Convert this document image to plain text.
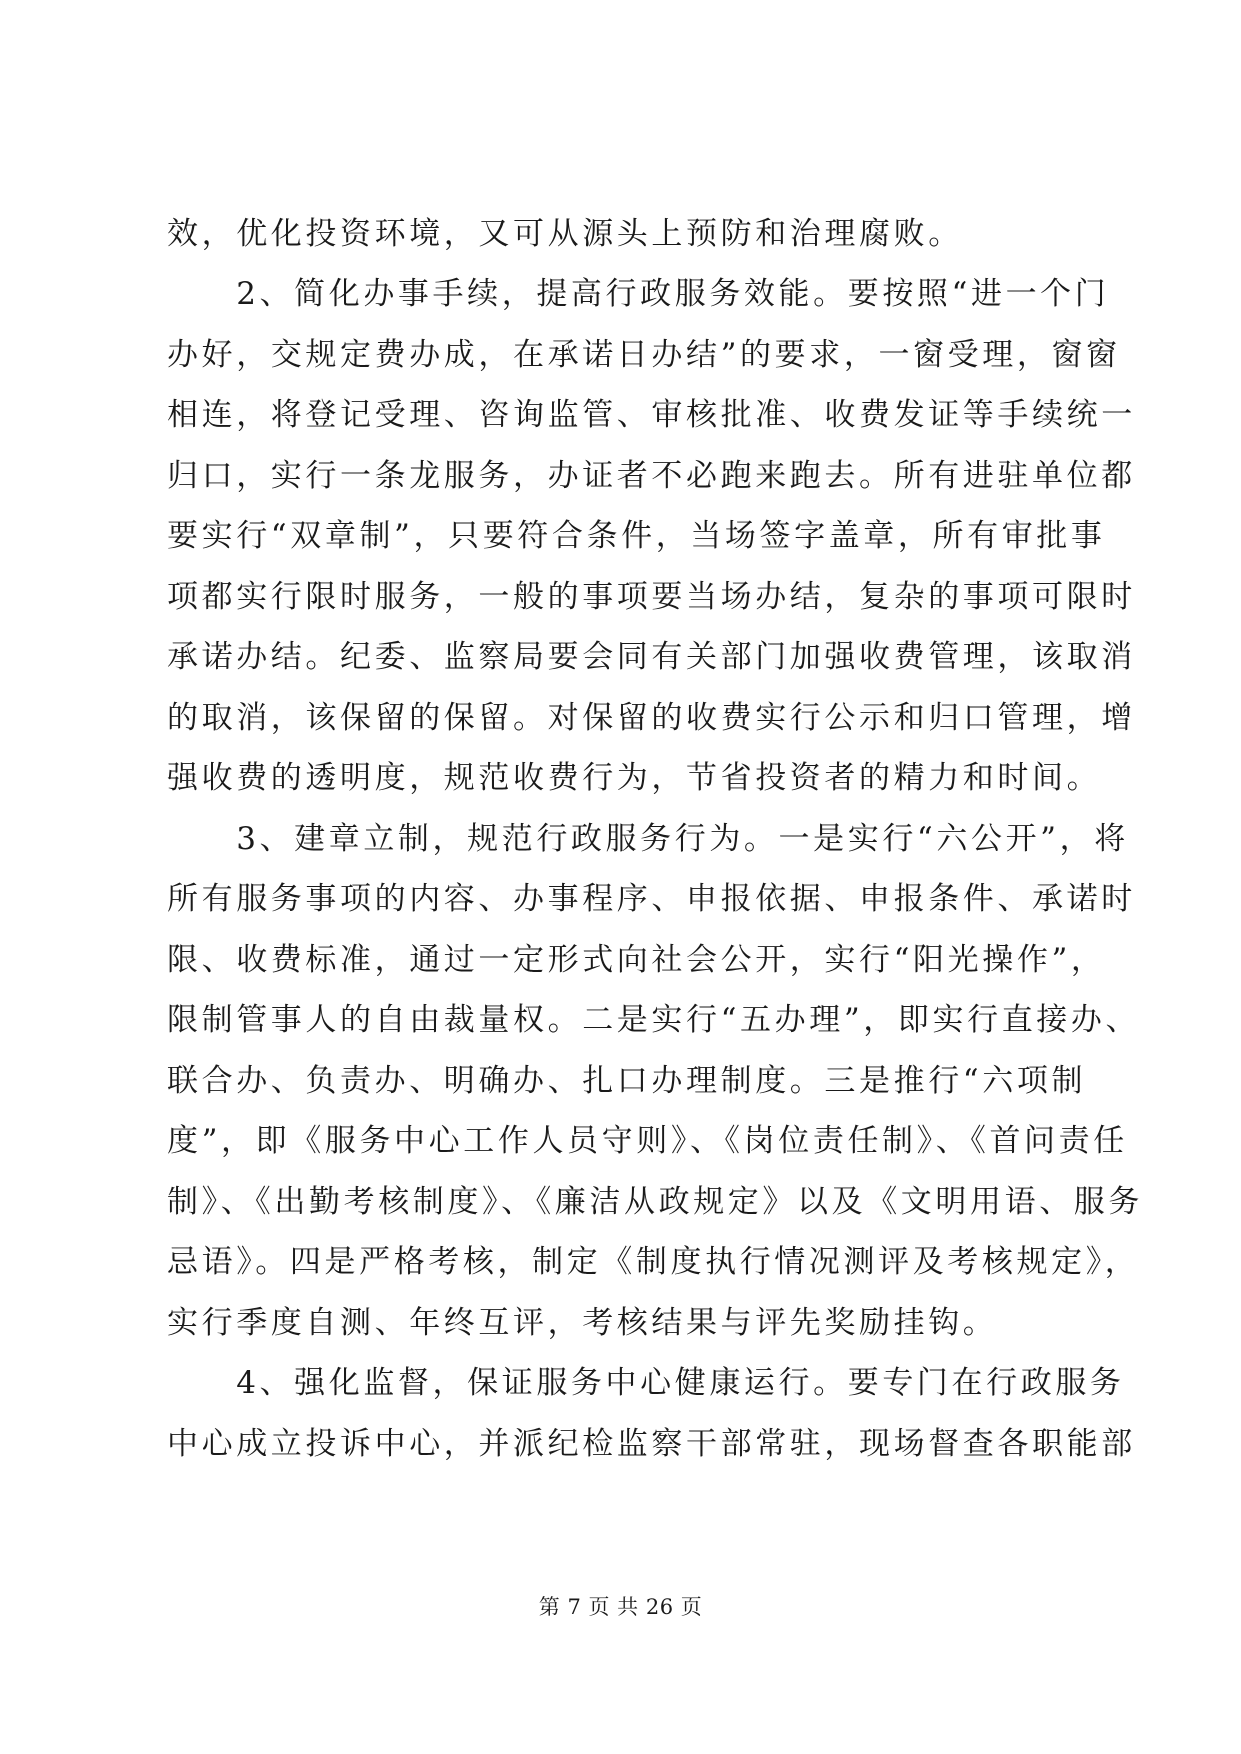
效，优化投资环境，又可从源头上预防和治理腐败。
　　2、简化办事手续，提高行政服务效能。要按照“进一个门
办好，交规定费办成，在承诺日办结”的要求，一窗受理，窗窗
相连，将登记受理、咨询监管、审核批准、收费发证等手续统一
归口，实行一条龙服务，办证者不必跑来跑去。所有进驻单位都
要实行“双章制”，只要符合条件，当场签字盖章，所有审批事
项都实行限时服务，一般的事项要当场办结，复杂的事项可限时
承诺办结。纪委、监察局要会同有关部门加强收费管理，该取消
的取消，该保留的保留。对保留的收费实行公示和归口管理，增
强收费的透明度，规范收费行为，节省投资者的精力和时间。
　　3、建章立制，规范行政服务行为。一是实行“六公开”，将
所有服务事项的内容、办事程序、申报依据、申报条件、承诺时
限、收费标准，通过一定形式向社会公开，实行“阳光操作”，
限制管事人的自由裁量权。二是实行“五办理”，即实行直接办、
联合办、负责办、明确办、扎口办理制度。三是推行“六项制
度”，即《服务中心工作人员守则》、《岗位责任制》、《首问责任
制》、《出勤考核制度》、《廉洁从政规定》以及《文明用语、服务
忌语》。四是严格考核，制定《制度执行情况测评及考核规定》，
实行季度自测、年终互评，考核结果与评先奖励挂钩。
　　4、强化监督，保证服务中心健康运行。要专门在行政服务
中心成立投诉中心，并派纪检监察干部常驻，现场督查各职能部
第 7 页 共 26 页
